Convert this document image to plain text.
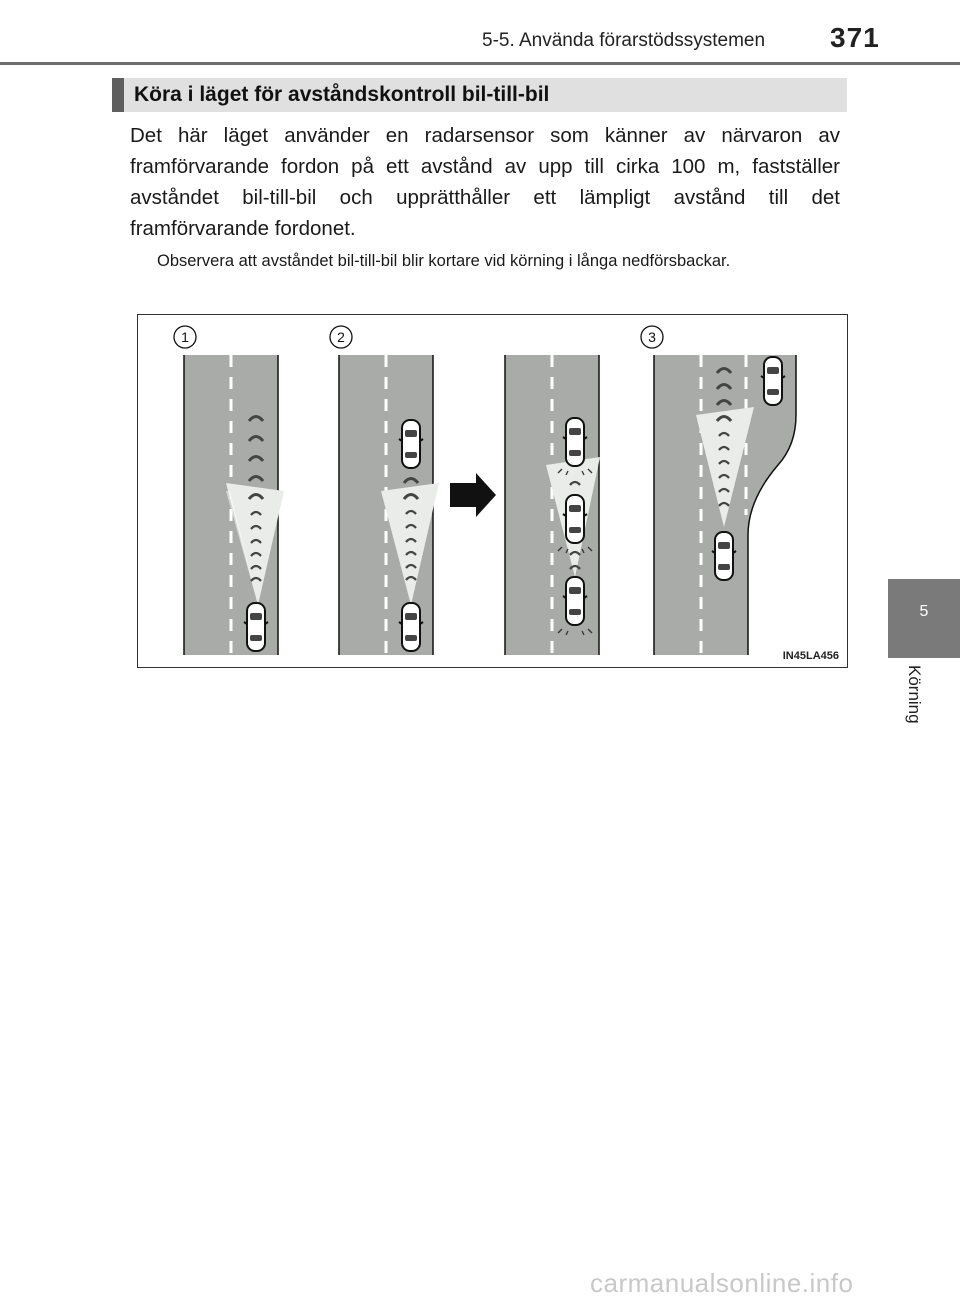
5-5. Använda förarstödssystemen 371
Köra i läget för avståndskontroll bil-till-bil

Det här läget använder en radarsensor som känner av närvaron av framförvarande fordon på ett avstånd av upp till cirka 100 m, fastställer avståndet bil-till-bil och upprätthåller ett lämpligt avstånd till det framförvarande fordonet.

Observera att avståndet bil-till-bil blir kortare vid körning i långa nedförsbackar.

1	2	3
IN45LA456
5
Körning
carmanualsonline.info
